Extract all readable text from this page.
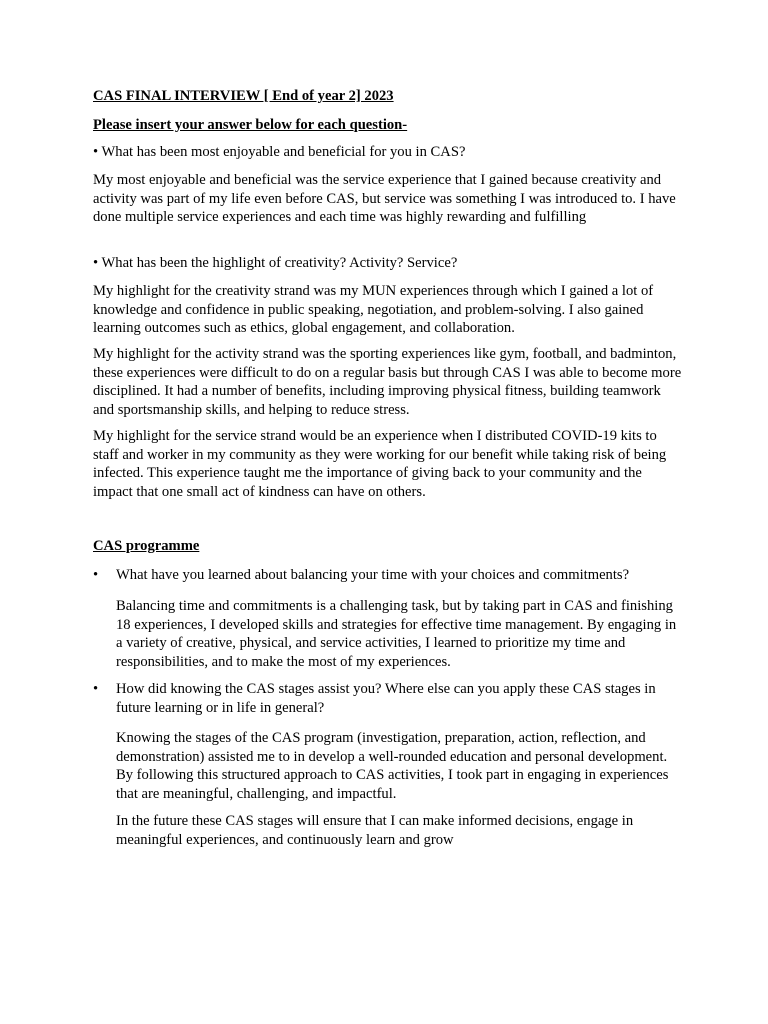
CAS FINAL INTERVIEW [ End of year 2] 2023

Please insert your answer below for each question-

• What has been most enjoyable and beneficial for you in CAS?

My most enjoyable and beneficial was the service experience that I gained because creativity and activity was part of my life even before CAS, but service was something I was introduced to. I have done multiple service experiences and each time was highly rewarding and fulfilling

• What has been the highlight of creativity? Activity? Service?

My highlight for the creativity strand was my MUN experiences through which I gained a lot of knowledge and confidence in public speaking, negotiation, and problem-solving. I also gained learning outcomes such as ethics, global engagement, and collaboration.

My highlight for the activity strand was the sporting experiences like gym, football, and badminton, these experiences were difficult to do on a regular basis but through CAS I was able to become more disciplined. It had a number of benefits, including improving physical fitness, building teamwork and sportsmanship skills, and helping to reduce stress.

My highlight for the service strand would be an experience when I distributed COVID-19 kits to staff and worker in my community as they were working for our benefit while taking risk of being infected. This experience taught me the importance of giving back to your community and the impact that one small act of kindness can have on others.

CAS programme

•	What have you learned about balancing your time with your choices and commitments?

Balancing time and commitments is a challenging task, but by taking part in CAS and finishing 18 experiences, I developed skills and strategies for effective time management. By engaging in a variety of creative, physical, and service activities, I learned to prioritize my time and responsibilities, and to make the most of my experiences.

•	How did knowing the CAS stages assist you? Where else can you apply these CAS stages in future learning or in life in general?

Knowing the stages of the CAS program (investigation, preparation, action, reflection, and demonstration) assisted me to in develop a well-rounded education and personal development. By following this structured approach to CAS activities, I took part in engaging in experiences that are meaningful, challenging, and impactful.

In the future these CAS stages will ensure that I can make informed decisions, engage in meaningful experiences, and continuously learn and grow
